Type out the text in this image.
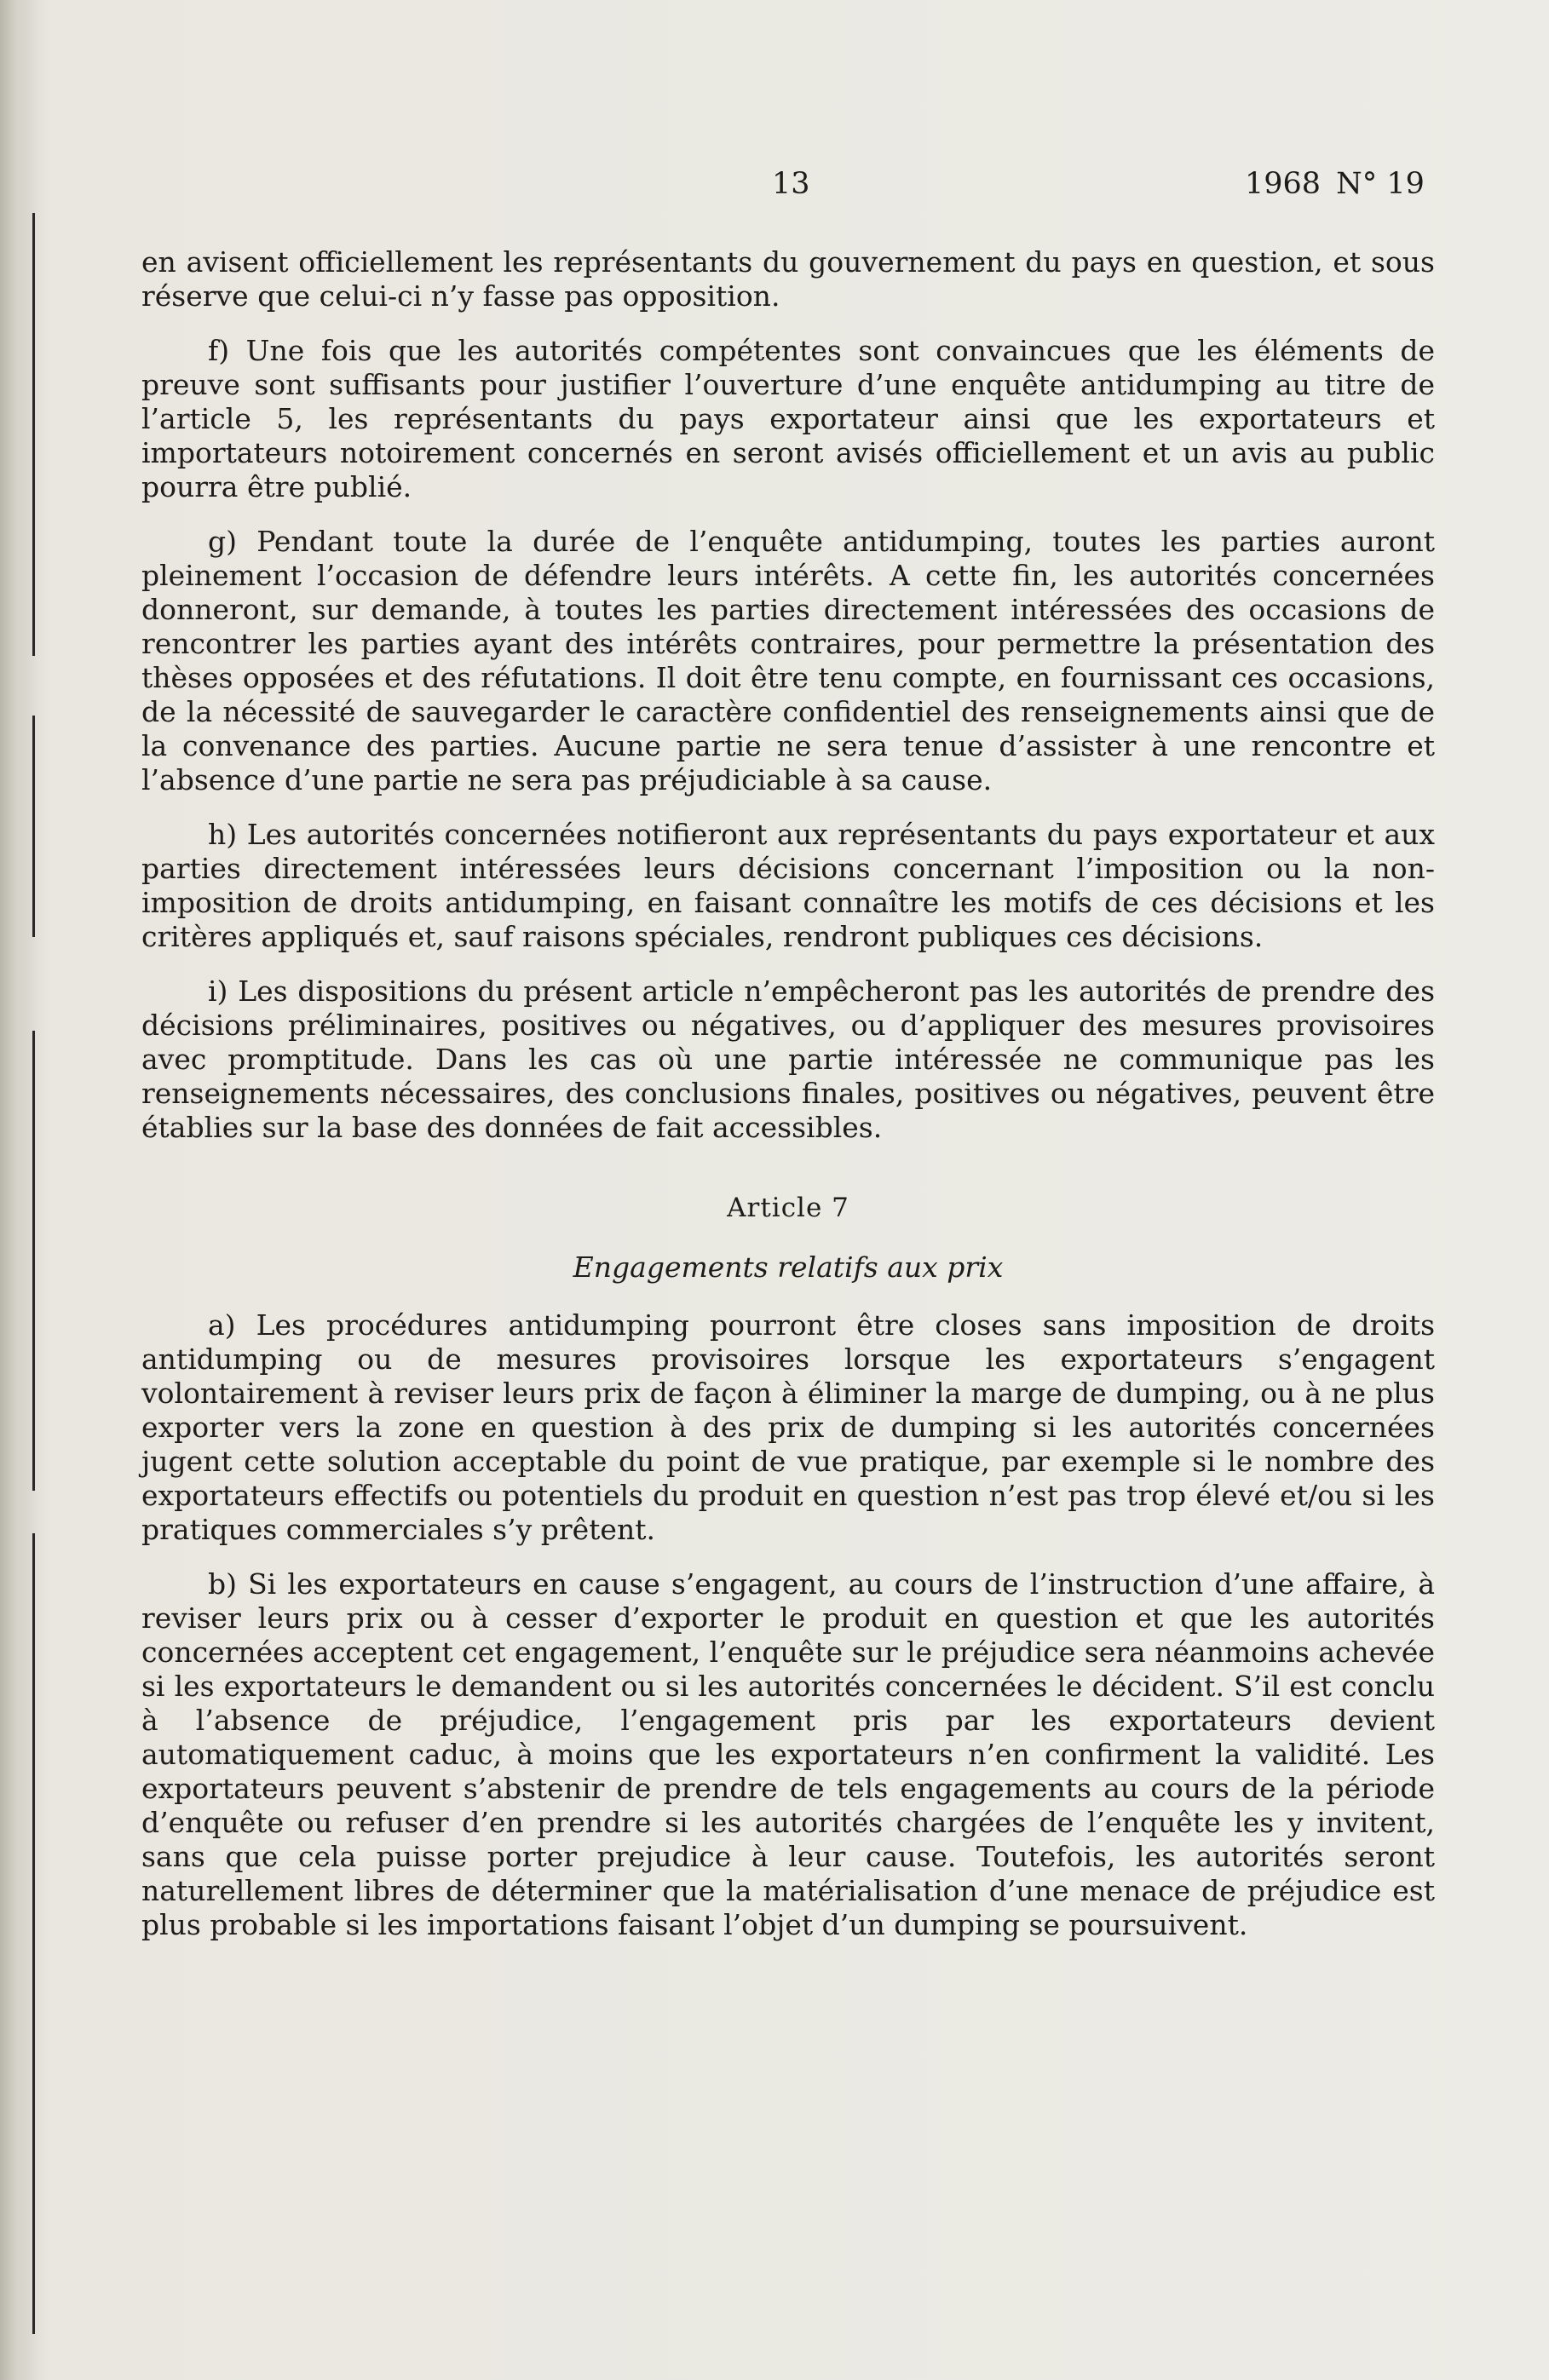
13	1968 N° 19

en avisent officiellement les représentants du gouvernement du pays en question, et sous réserve que celui-ci n’y fasse pas opposition.

f) Une fois que les autorités compétentes sont convaincues que les éléments de preuve sont suffisants pour justifier l’ouverture d’une enquête antidumping au titre de l’article 5, les représentants du pays exportateur ainsi que les exportateurs et importateurs notoirement concernés en seront avisés officiellement et un avis au public pourra être publié.

g) Pendant toute la durée de l’enquête antidumping, toutes les parties auront pleinement l’occasion de défendre leurs intérêts. A cette fin, les autorités concernées donneront, sur demande, à toutes les parties directement intéressées des occasions de rencontrer les parties ayant des intérêts contraires, pour permettre la présentation des thèses opposées et des réfutations. Il doit être tenu compte, en fournissant ces occasions, de la nécessité de sauvegarder le caractère confidentiel des renseignements ainsi que de la convenance des parties. Aucune partie ne sera tenue d’assister à une rencontre et l’absence d’une partie ne sera pas préjudiciable à sa cause.

h) Les autorités concernées notifieront aux représentants du pays exportateur et aux parties directement intéressées leurs décisions concernant l’imposition ou la non-imposition de droits antidumping, en faisant connaître les motifs de ces décisions et les critères appliqués et, sauf raisons spéciales, rendront publiques ces décisions.

i) Les dispositions du présent article n’empêcheront pas les autorités de prendre des décisions préliminaires, positives ou négatives, ou d’appliquer des mesures provisoires avec promptitude. Dans les cas où une partie intéressée ne communique pas les renseignements nécessaires, des conclusions finales, positives ou négatives, peuvent être établies sur la base des données de fait accessibles.

Article 7
Engagements relatifs aux prix

a) Les procédures antidumping pourront être closes sans imposition de droits antidumping ou de mesures provisoires lorsque les exportateurs s’engagent volontairement à reviser leurs prix de façon à éliminer la marge de dumping, ou à ne plus exporter vers la zone en question à des prix de dumping si les autorités concernées jugent cette solution acceptable du point de vue pratique, par exemple si le nombre des exportateurs effectifs ou potentiels du produit en question n’est pas trop élevé et/ou si les pratiques commerciales s’y prêtent.

b) Si les exportateurs en cause s’engagent, au cours de l’instruction d’une affaire, à reviser leurs prix ou à cesser d’exporter le produit en question et que les autorités concernées acceptent cet engagement, l’enquête sur le préjudice sera néanmoins achevée si les exportateurs le demandent ou si les autorités concernées le décident. S’il est conclu à l’absence de préjudice, l’engagement pris par les exportateurs devient automatiquement caduc, à moins que les exportateurs n’en confirment la validité. Les exportateurs peuvent s’abstenir de prendre de tels engagements au cours de la période d’enquête ou refuser d’en prendre si les autorités chargées de l’enquête les y invitent, sans que cela puisse porter prejudice à leur cause. Toutefois, les autorités seront naturellement libres de déterminer que la matérialisation d’une menace de préjudice est plus probable si les importations faisant l’objet d’un dumping se poursuivent.
